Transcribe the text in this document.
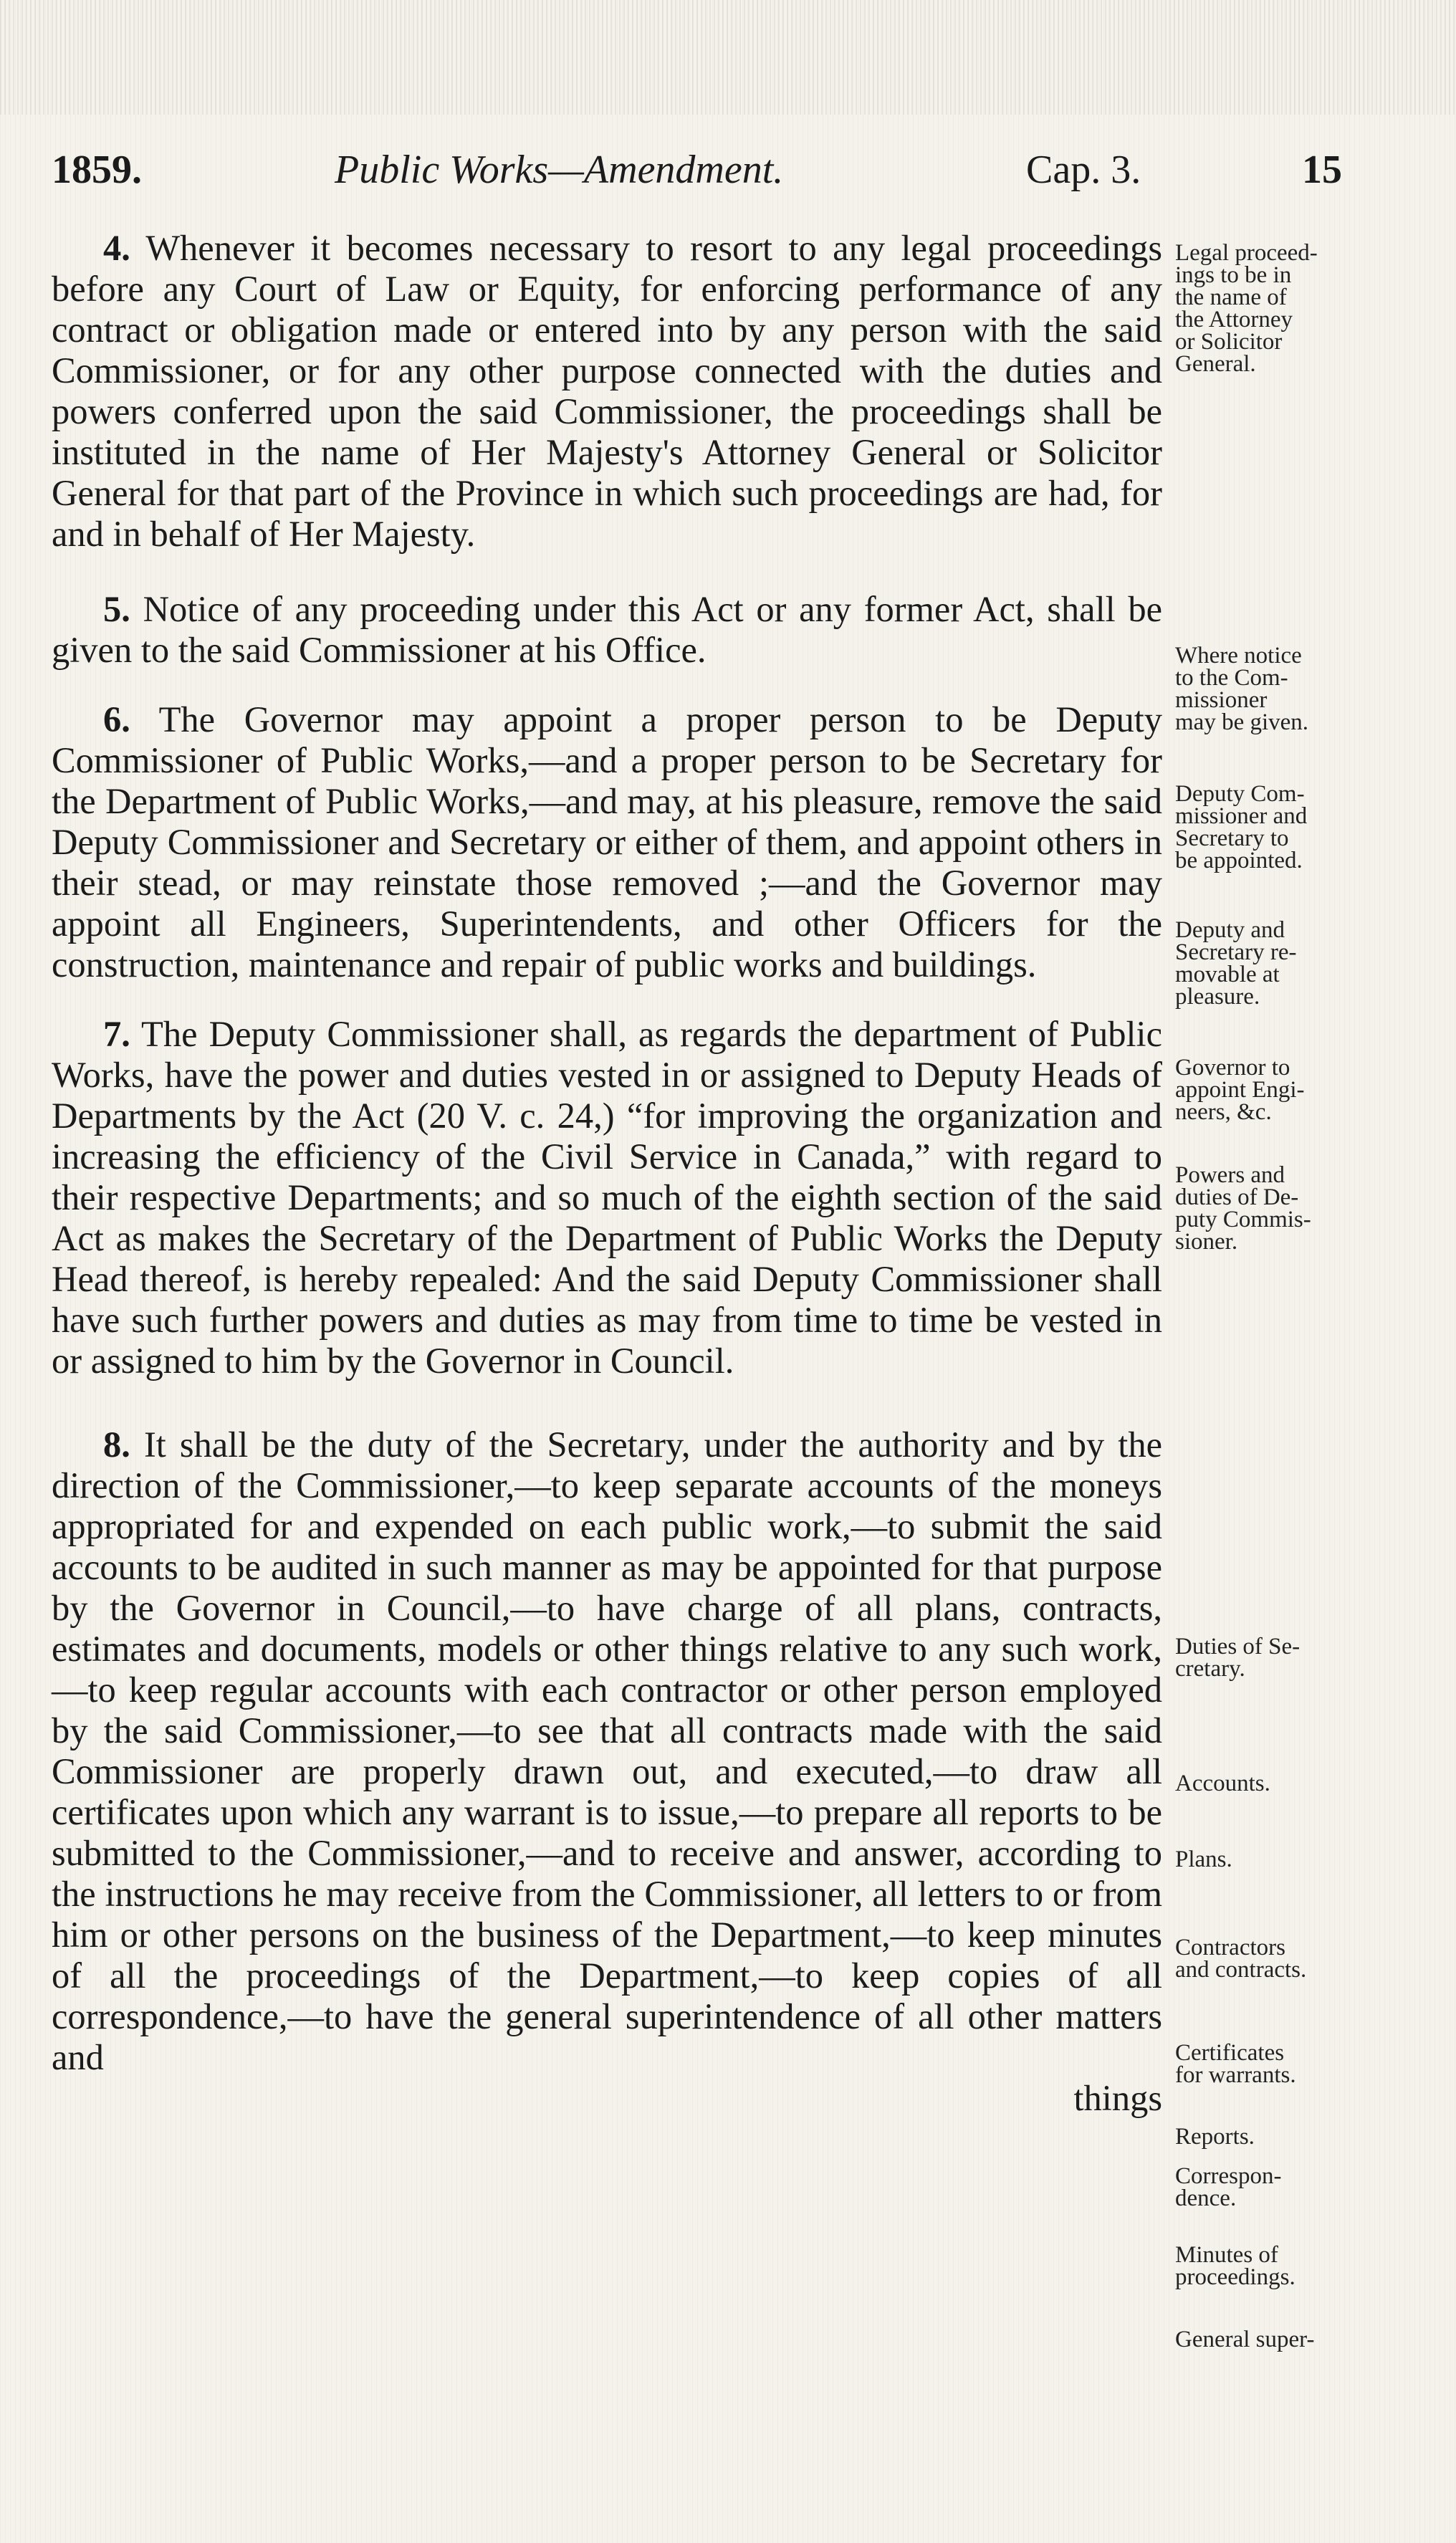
1859.	Public Works—Amendment.	Cap. 3.	15

4. Whenever it becomes necessary to resort to any legal proceedings before any Court of Law or Equity, for enforcing performance of any contract or obligation made or entered into by any person with the said Commissioner, or for any other purpose connected with the duties and powers conferred upon the said Commissioner, the proceedings shall be instituted in the name of Her Majesty's Attorney General or Solicitor General for that part of the Province in which such proceedings are had, for and in behalf of Her Majesty.

5. Notice of any proceeding under this Act or any former Act, shall be given to the said Commissioner at his Office.

6. The Governor may appoint a proper person to be Deputy Commissioner of Public Works,—and a proper person to be Secretary for the Department of Public Works,—and may, at his pleasure, remove the said Deputy Commissioner and Secretary or either of them, and appoint others in their stead, or may reinstate those removed ;—and the Governor may appoint all Engineers, Superintendents, and other Officers for the construction, maintenance and repair of public works and buildings.

7. The Deputy Commissioner shall, as regards the department of Public Works, have the power and duties vested in or assigned to Deputy Heads of Departments by the Act (20 V. c. 24,) “for improving the organization and increasing the efficiency of the Civil Service in Canada,” with regard to their respective Departments; and so much of the eighth section of the said Act as makes the Secretary of the Department of Public Works the Deputy Head thereof, is hereby repealed: And the said Deputy Commissioner shall have such further powers and duties as may from time to time be vested in or assigned to him by the Governor in Council.

8. It shall be the duty of the Secretary, under the authority and by the direction of the Commissioner,—to keep separate accounts of the moneys appropriated for and expended on each public work,—to submit the said accounts to be audited in such manner as may be appointed for that purpose by the Governor in Council,—to have charge of all plans, contracts, estimates and documents, models or other things relative to any such work,—to keep regular accounts with each contractor or other person employed by the said Commissioner,—to see that all contracts made with the said Commissioner are properly drawn out, and executed,—to draw all certificates upon which any warrant is to issue,—to prepare all reports to be submitted to the Commissioner,—and to receive and answer, according to the instructions he may receive from the Commissioner, all letters to or from him or other persons on the business of the Department,—to keep minutes of all the proceedings of the Department,—to keep copies of all correspondence,—to have the general superintendence of all other matters and

things

Legal proceed-
ings to be in
the name of
the Attorney
or Solicitor
General.
Where notice
to the Com-
missioner
may be given.
Deputy Com-
missioner and
Secretary to
be appointed.
Deputy and
Secretary re-
movable at
pleasure.
Governor to
appoint Engi-
neers, &c.
Powers and
duties of De-
puty Commis-
sioner.
Duties of Se-
cretary.
Accounts.
Plans.
Contractors
and contracts.
Certificates
for warrants.
Reports.
Correspon-
dence.
Minutes of
proceedings.
General super-
